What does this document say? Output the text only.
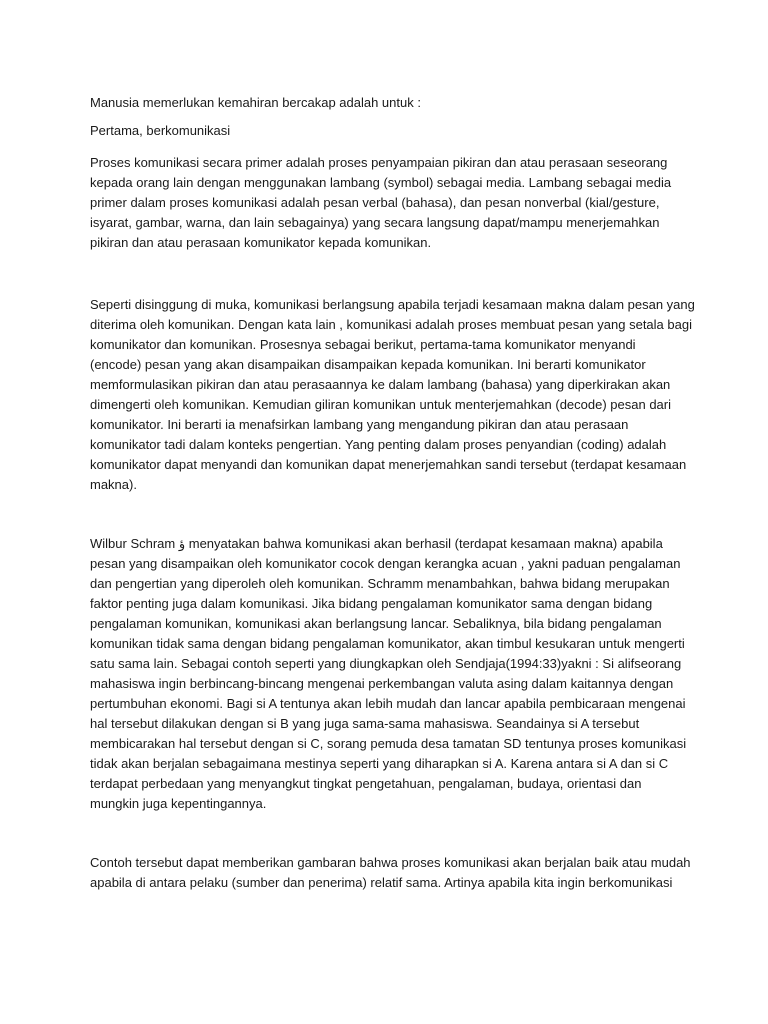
Manusia memerlukan kemahiran bercakap adalah untuk :
Pertama, berkomunikasi
Proses komunikasi secara primer adalah proses penyampaian pikiran dan atau perasaan seseorang
kepada orang lain dengan menggunakan lambang (symbol) sebagai media. Lambang sebagai media
primer dalam proses komunikasi adalah pesan verbal (bahasa), dan pesan nonverbal (kial/gesture,
isyarat, gambar, warna, dan lain sebagainya) yang secara langsung dapat/mampu menerjemahkan
pikiran dan atau perasaan komunikator kepada komunikan.
Seperti disinggung di muka, komunikasi berlangsung apabila terjadi kesamaan makna dalam pesan yang
diterima oleh komunikan. Dengan kata lain , komunikasi adalah proses membuat pesan yang setala bagi
komunikator dan komunikan. Prosesnya sebagai berikut, pertama-tama komunikator menyandi
(encode) pesan yang akan disampaikan disampaikan kepada komunikan. Ini berarti komunikator
memformulasikan pikiran dan atau perasaannya ke dalam lambang (bahasa) yang diperkirakan akan
dimengerti oleh komunikan. Kemudian giliran komunikan untuk menterjemahkan (decode) pesan dari
komunikator. Ini berarti ia menafsirkan lambang yang mengandung pikiran dan atau perasaan
komunikator tadi dalam konteks pengertian. Yang penting dalam proses penyandian (coding) adalah
komunikator dapat menyandi dan komunikan dapat menerjemahkan sandi tersebut (terdapat kesamaan
makna).
Wilbur Schram ؤ menyatakan bahwa komunikasi akan berhasil (terdapat kesamaan makna) apabila
pesan yang disampaikan oleh komunikator cocok dengan kerangka acuan , yakni paduan pengalaman
dan pengertian yang diperoleh oleh komunikan. Schramm menambahkan, bahwa bidang merupakan
faktor penting juga dalam komunikasi. Jika bidang pengalaman komunikator sama dengan bidang
pengalaman komunikan, komunikasi akan berlangsung lancar. Sebaliknya, bila bidang pengalaman
komunikan tidak sama dengan bidang pengalaman komunikator, akan timbul kesukaran untuk mengerti
satu sama lain. Sebagai contoh seperti yang diungkapkan oleh Sendjaja(1994:33)yakni : Si alifseorang
mahasiswa ingin berbincang-bincang mengenai perkembangan valuta asing dalam kaitannya dengan
pertumbuhan ekonomi. Bagi si A tentunya akan lebih mudah dan lancar apabila pembicaraan mengenai
hal tersebut dilakukan dengan si B yang juga sama-sama mahasiswa. Seandainya si A tersebut
membicarakan hal tersebut dengan si C, sorang pemuda desa tamatan SD tentunya proses komunikasi
tidak akan berjalan sebagaimana mestinya seperti yang diharapkan si A. Karena antara si A dan si C
terdapat perbedaan yang menyangkut tingkat pengetahuan, pengalaman, budaya, orientasi dan
mungkin juga kepentingannya.
Contoh tersebut dapat memberikan gambaran bahwa proses komunikasi akan berjalan baik atau mudah
apabila di antara pelaku (sumber dan penerima) relatif sama. Artinya apabila kita ingin berkomunikasi
